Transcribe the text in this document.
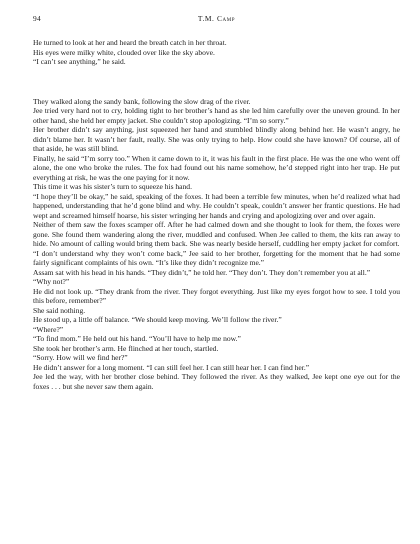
94	T.M. Camp

He turned to look at her and heard the breath catch in her throat.

His eyes were milky white, clouded over like the sky above.

“I can’t see anything,” he said.

They walked along the sandy bank, following the slow drag of the river.

Jee tried very hard not to cry, holding tight to her brother’s hand as she led him carefully over the uneven ground. In her other hand, she held her empty jacket. She couldn’t stop apologizing. “I’m so sorry.”

Her brother didn’t say anything, just squeezed her hand and stumbled blindly along behind her. He wasn’t angry, he didn’t blame her. It wasn’t her fault, really. She was only trying to help. How could she have known? Of course, all of that aside, he was still blind.

Finally, he said “I’m sorry too.” When it came down to it, it was his fault in the first place. He was the one who went off alone, the one who broke the rules. The fox had found out his name somehow, he’d stepped right into her trap. He put everything at risk, he was the one paying for it now.

This time it was his sister’s turn to squeeze his hand.

“I hope they’ll be okay,” he said, speaking of the foxes. It had been a terrible few minutes, when he’d realized what had happened, understanding that he’d gone blind and why. He couldn’t speak, couldn’t answer her frantic questions. He had wept and screamed himself hoarse, his sister wringing her hands and crying and apologizing over and over again.

Neither of them saw the foxes scamper off. After he had calmed down and she thought to look for them, the foxes were gone. She found them wandering along the river, muddled and confused. When Jee called to them, the kits ran away to hide. No amount of calling would bring them back. She was nearly beside herself, cuddling her empty jacket for comfort.

“I don’t understand why they won’t come back,” Jee said to her brother, forgetting for the moment that he had some fairly significant complaints of his own. “It’s like they didn’t recognize me.”

Assam sat with his head in his hands. “They didn’t,” he told her. “They don’t. They don’t remember you at all.”

“Why not?”

He did not look up. “They drank from the river. They forgot everything. Just like my eyes forgot how to see. I told you this before, remember?”

She said nothing.

He stood up, a little off balance. “We should keep moving. We’ll follow the river.”

“Where?”

“To find mom.” He held out his hand. “You’ll have to help me now.”

She took her brother’s arm. He flinched at her touch, startled.

“Sorry. How will we find her?”

He didn’t answer for a long moment. “I can still feel her. I can still hear her. I can find her.”

Jee led the way, with her brother close behind. They followed the river. As they walked, Jee kept one eye out for the foxes . . . but she never saw them again.
